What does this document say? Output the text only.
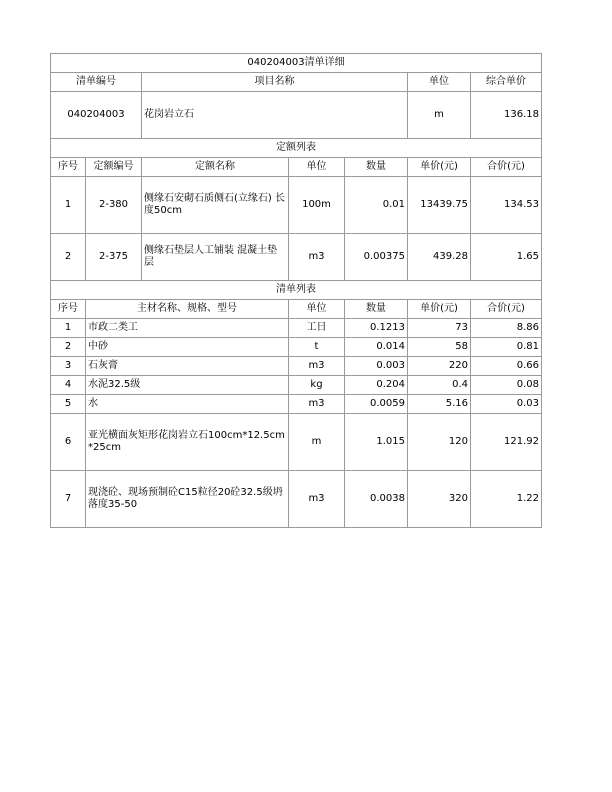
040204003清单详细						
清单编号		项目名称			单位	综合单价
040204003		花岗岩立石			m	136.18
定额列表						
序号	定额编号	定额名称	单位	数量	单价(元)	合价(元)
1	2-380	侧缘石安砌石质侧石(立缘石) 长度50cm	100m	0.01	13439.75	134.53
2	2-375	侧缘石垫层人工铺装 混凝土垫层	m3	0.00375	439.28	1.65
清单列表						
序号	主材名称、规格、型号		单位	数量	单价(元)	合价(元)
1	市政二类工		工日	0.1213	73	8.86
2	中砂		t	0.014	58	0.81
3	石灰膏		m3	0.003	220	0.66
4	水泥32.5级		kg	0.204	0.4	0.08
5	水		m3	0.0059	5.16	0.03
6	亚光横面灰矩形花岗岩立石100cm*12.5cm*25cm		m	1.015	120	121.92
7	现浇砼、现场预制砼C15粒径20砼32.5级坍落度35-50		m3	0.0038	320	1.22
